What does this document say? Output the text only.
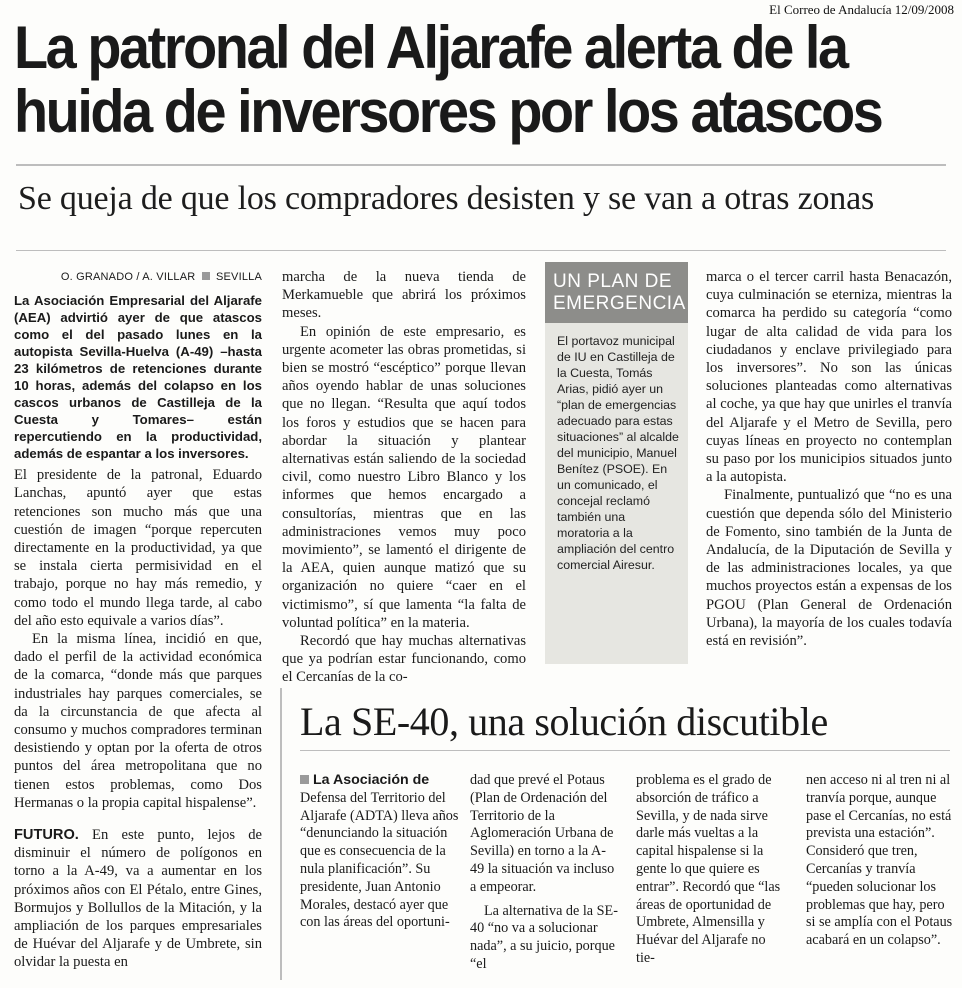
El Correo de Andalucía 12/09/2008
La patronal del Aljarafe alerta de la
huida de inversores por los atascos
Se queja de que los compradores desisten y se van a otras zonas
O. GRANADO / A. VILLAR SEVILLA
La Asociación Empresarial del Aljarafe (AEA) advirtió ayer de que atascos como el del pasado lunes en la autopista Sevilla-Huelva (A-49) –hasta 23 kilómetros de retenciones durante 10 horas, además del colapso en los cascos urbanos de Castilleja de la Cuesta y Tomares– están repercutiendo en la productividad, además de espantar a los inversores.

El presidente de la patronal, Eduardo Lanchas, apuntó ayer que estas retenciones son mucho más que una cuestión de imagen “porque repercuten directamente en la productividad, ya que se instala cierta permisividad en el trabajo, porque no hay más remedio, y como todo el mundo llega tarde, al cabo del año esto equivale a varios días”.

En la misma línea, incidió en que, dado el perfil de la actividad económica de la comarca, “donde más que parques industriales hay parques comerciales, se da la circunstancia de que afecta al consumo y muchos compradores terminan desistiendo y optan por la oferta de otros puntos del área metropolitana que no tienen estos problemas, como Dos Hermanas o la propia capital hispalense”.

FUTURO. En este punto, lejos de disminuir el número de polígonos en torno a la A-49, va a aumentar en los próximos años con El Pétalo, entre Gines, Bormujos y Bollullos de la Mitación, y la ampliación de los parques empresariales de Huévar del Aljarafe y de Umbrete, sin olvidar la puesta en

marcha de la nueva tienda de Merkamueble que abrirá los próximos meses.

En opinión de este empresario, es urgente acometer las obras prometidas, si bien se mostró “escéptico” porque llevan años oyendo hablar de unas soluciones que no llegan. “Resulta que aquí todos los foros y estudios que se hacen para abordar la situación y plantear alternativas están saliendo de la sociedad civil, como nuestro Libro Blanco y los informes que hemos encargado a consultorías, mientras que en las administraciones vemos muy poco movimiento”, se lamentó el dirigente de la AEA, quien aunque matizó que su organización no quiere “caer en el victimismo”, sí que lamenta “la falta de voluntad política” en la materia.

Recordó que hay muchas alternativas que ya podrían estar funcionando, como el Cercanías de la co-

UN PLAN DE
EMERGENCIA
El portavoz municipal de IU en Castilleja de la Cuesta, Tomás Arias, pidió ayer un “plan de emergencias adecuado para estas situaciones” al alcalde del municipio, Manuel Benítez (PSOE). En un comunicado, el concejal reclamó también una moratoria a la ampliación del centro comercial Airesur.

marca o el tercer carril hasta Benacazón, cuya culminación se eterniza, mientras la comarca ha perdido su categoría “como lugar de alta calidad de vida para los ciudadanos y enclave privilegiado para los inversores”. No son las únicas soluciones planteadas como alternativas al coche, ya que hay que unirles el tranvía del Aljarafe y el Metro de Sevilla, pero cuyas líneas en proyecto no contemplan su paso por los municipios situados junto a la autopista.

Finalmente, puntualizó que “no es una cuestión que dependa sólo del Ministerio de Fomento, sino también de la Junta de Andalucía, de la Diputación de Sevilla y de las administraciones locales, ya que muchos proyectos están a expensas de los PGOU (Plan General de Ordenación Urbana), la mayoría de los cuales todavía está en revisión”.

La SE-40, una solución discutible

La Asociación de Defensa del Territorio del Aljarafe (ADTA) lleva años “denunciando la situación que es consecuencia de la nula planificación”. Su presidente, Juan Antonio Morales, destacó ayer que con las áreas del oportuni-

dad que prevé el Potaus (Plan de Ordenación del Territorio de la Aglomeración Urbana de Sevilla) en torno a la A-49 la situación va incluso a empeorar.

La alternativa de la SE-40 “no va a solucionar nada”, a su juicio, porque “el

problema es el grado de absorción de tráfico a Sevilla, y de nada sirve darle más vueltas a la capital hispalense si la gente lo que quiere es entrar”. Recordó que “las áreas de oportunidad de Umbrete, Almensilla y Huévar del Aljarafe no tie-

nen acceso ni al tren ni al tranvía porque, aunque pase el Cercanías, no está prevista una estación”. Consideró que tren, Cercanías y tranvía “pueden solucionar los problemas que hay, pero si se amplía con el Potaus acabará en un colapso”.
